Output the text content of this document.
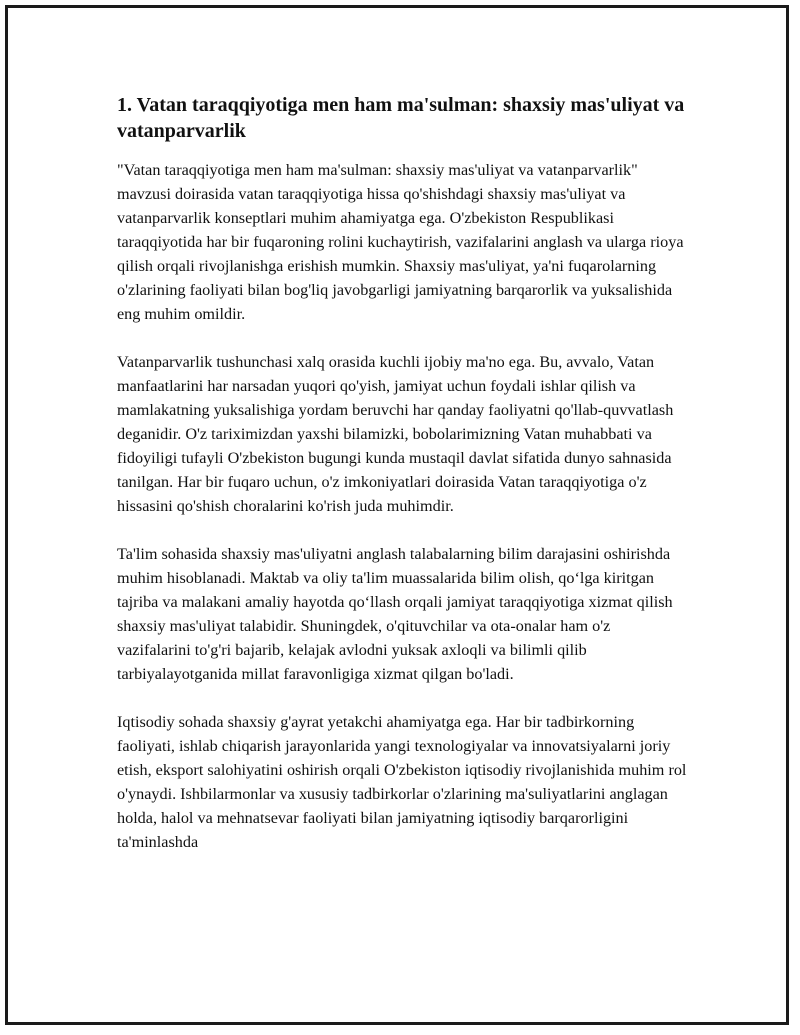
1. Vatan taraqqiyotiga men ham ma'sulman: shaxsiy mas'uliyat va vatanparvarlik

"Vatan taraqqiyotiga men ham ma'sulman: shaxsiy mas'uliyat va vatanparvarlik" mavzusi doirasida vatan taraqqiyotiga hissa qo'shishdagi shaxsiy mas'uliyat va vatanparvarlik konseptlari muhim ahamiyatga ega. O'zbekiston Respublikasi taraqqiyotida har bir fuqaroning rolini kuchaytirish, vazifalarini anglash va ularga rioya qilish orqali rivojlanishga erishish mumkin. Shaxsiy mas'uliyat, ya'ni fuqarolarning o'zlarining faoliyati bilan bog'liq javobgarligi jamiyatning barqarorlik va yuksalishida eng muhim omildir.

Vatanparvarlik tushunchasi xalq orasida kuchli ijobiy ma'no ega. Bu, avvalo, Vatan manfaatlarini har narsadan yuqori qo'yish, jamiyat uchun foydali ishlar qilish va mamlakatning yuksalishiga yordam beruvchi har qanday faoliyatni qo'llab-quvvatlash deganidir. O'z tariximizdan yaxshi bilamizki, bobolarimizning Vatan muhabbati va fidoyiligi tufayli O'zbekiston bugungi kunda mustaqil davlat sifatida dunyo sahnasida tanilgan. Har bir fuqaro uchun, o'z imkoniyatlari doirasida Vatan taraqqiyotiga o'z hissasini qo'shish choralarini ko'rish juda muhimdir.

Ta'lim sohasida shaxsiy mas'uliyatni anglash talabalarning bilim darajasini oshirishda muhim hisoblanadi. Maktab va oliy ta'lim muassalarida bilim olish, qo‘lga kiritgan tajriba va malakani amaliy hayotda qo‘llash orqali jamiyat taraqqiyotiga xizmat qilish shaxsiy mas'uliyat talabidir. Shuningdek, o'qituvchilar va ota-onalar ham o'z vazifalarini to'g'ri bajarib, kelajak avlodni yuksak axloqli va bilimli qilib tarbiyalayotganida millat faravonligiga xizmat qilgan bo'ladi.

Iqtisodiy sohada shaxsiy g'ayrat yetakchi ahamiyatga ega. Har bir tadbirkorning faoliyati, ishlab chiqarish jarayonlarida yangi texnologiyalar va innovatsiyalarni joriy etish, eksport salohiyatini oshirish orqali O'zbekiston iqtisodiy rivojlanishida muhim rol o'ynaydi. Ishbilarmonlar va xususiy tadbirkorlar o'zlarining ma'suliyatlarini anglagan holda, halol va mehnatsevar faoliyati bilan jamiyatning iqtisodiy barqarorligini ta'minlashda
